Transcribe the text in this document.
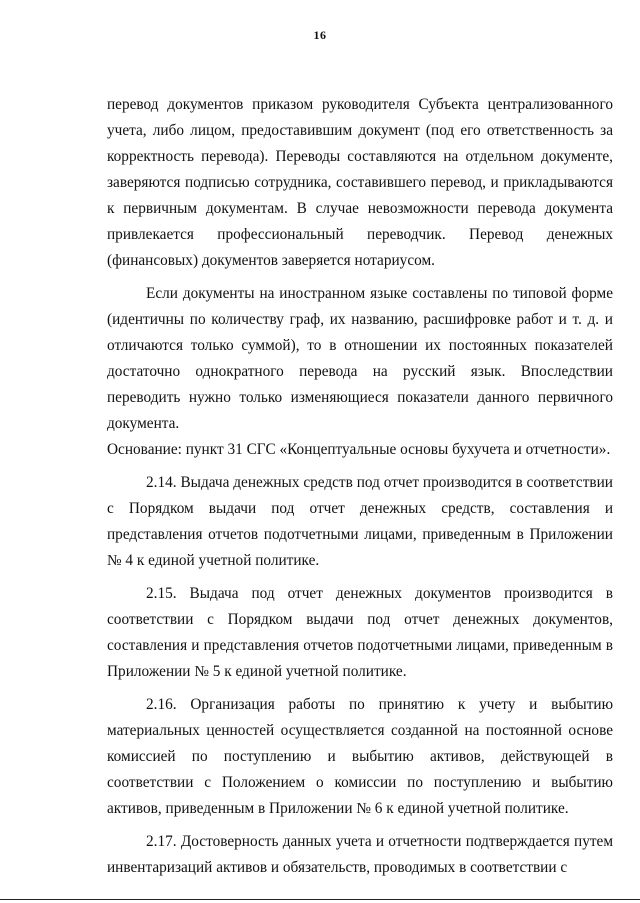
16

перевод документов приказом руководителя Субъекта централизованного учета, либо лицом, предоставившим документ (под его ответственность за корректность перевода). Переводы составляются на отдельном документе, заверяются подписью сотрудника, составившего перевод, и прикладываются к первичным документам. В случае невозможности перевода документа привлекается профессиональный переводчик. Перевод денежных (финансовых) документов заверяется нотариусом.

Если документы на иностранном языке составлены по типовой форме (идентичны по количеству граф, их названию, расшифровке работ и т. д. и отличаются только суммой), то в отношении их постоянных показателей достаточно однократного перевода на русский язык. Впоследствии переводить нужно только изменяющиеся показатели данного первичного документа.

Основание: пункт 31 СГС «Концептуальные основы бухучета и отчетности».

2.14. Выдача денежных средств под отчет производится в соответствии с Порядком выдачи под отчет денежных средств, составления и представления отчетов подотчетными лицами, приведенным в Приложении № 4 к единой учетной политике.

2.15. Выдача под отчет денежных документов производится в соответствии с Порядком выдачи под отчет денежных документов, составления и представления отчетов подотчетными лицами, приведенным в Приложении № 5 к единой учетной политике.

2.16. Организация работы по принятию к учету и выбытию материальных ценностей осуществляется созданной на постоянной основе комиссией по поступлению и выбытию активов, действующей в соответствии с Положением о комиссии по поступлению и выбытию активов, приведенным в Приложении № 6 к единой учетной политике.

2.17. Достоверность данных учета и отчетности подтверждается путем инвентаризаций активов и обязательств, проводимых в соответствии с
